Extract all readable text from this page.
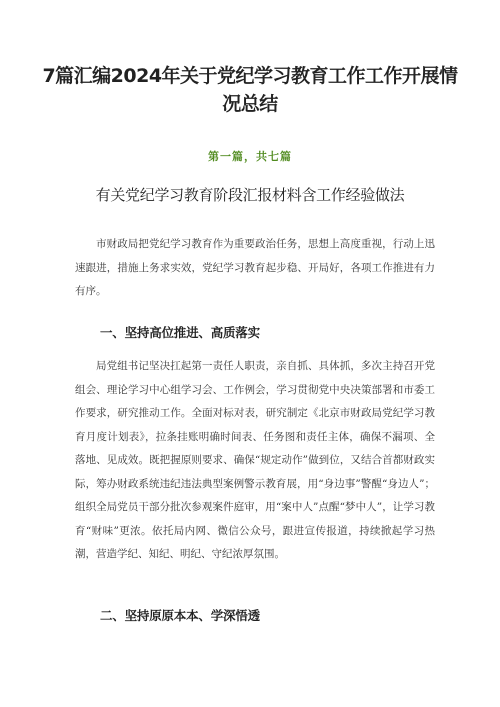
7篇汇编2024年关于党纪学习教育工作工作开展情况总结
第一篇，共七篇
有关党纪学习教育阶段汇报材料含工作经验做法

市财政局把党纪学习教育作为重要政治任务，思想上高度重视，行动上迅速跟进，措施上务求实效，党纪学习教育起步稳、开局好，各项工作推进有力有序。

一、坚持高位推进、高质落实

局党组书记坚决扛起第一责任人职责，亲自抓、具体抓，多次主持召开党组会、理论学习中心组学习会、工作例会，学习贯彻党中央决策部署和市委工作要求，研究推动工作。全面对标对表，研究制定《北京市财政局党纪学习教育月度计划表》，拉条挂账明确时间表、任务图和责任主体，确保不漏项、全落地、见成效。既把握原则要求、确保“规定动作”做到位，又结合首都财政实际，筹办财政系统违纪违法典型案例警示教育展，用“身边事”警醒“身边人”；组织全局党员干部分批次参观案件庭审，用“案中人”点醒“梦中人”，让学习教育“财味”更浓。依托局内网、微信公众号，跟进宣传报道，持续掀起学习热潮，营造学纪、知纪、明纪、守纪浓厚氛围。

二、坚持原原本本、学深悟透
